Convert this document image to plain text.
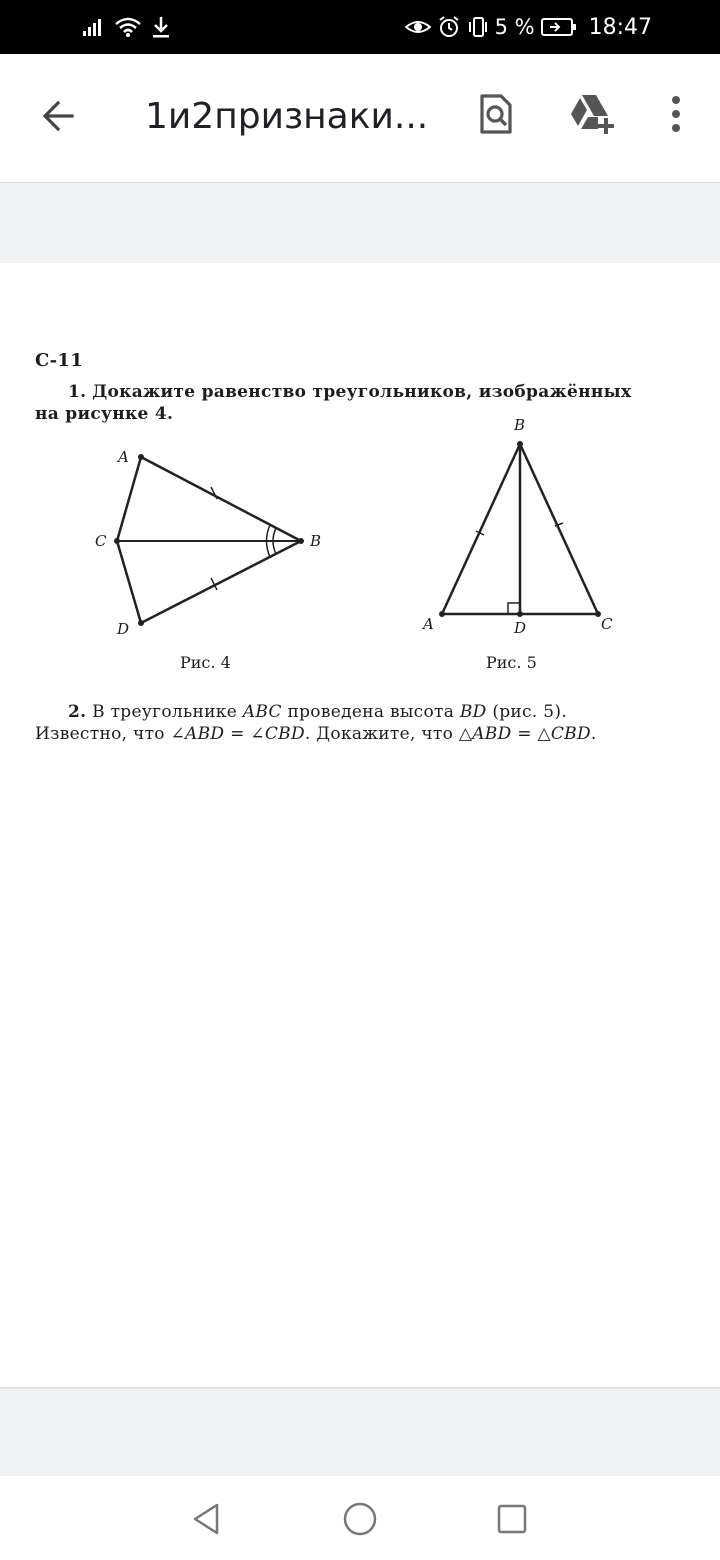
5 % 18:47
1и2признаки...
С-11
1. Докажите равенство треугольников, изображённых
на рисунке 4.
A
C	B
D
Рис. 4
B
A	D	C
Рис. 5
2. В треугольнике ABC проведена высота BD (рис. 5).
Известно, что ∠ABD = ∠CBD. Докажите, что △ABD = △CBD.
